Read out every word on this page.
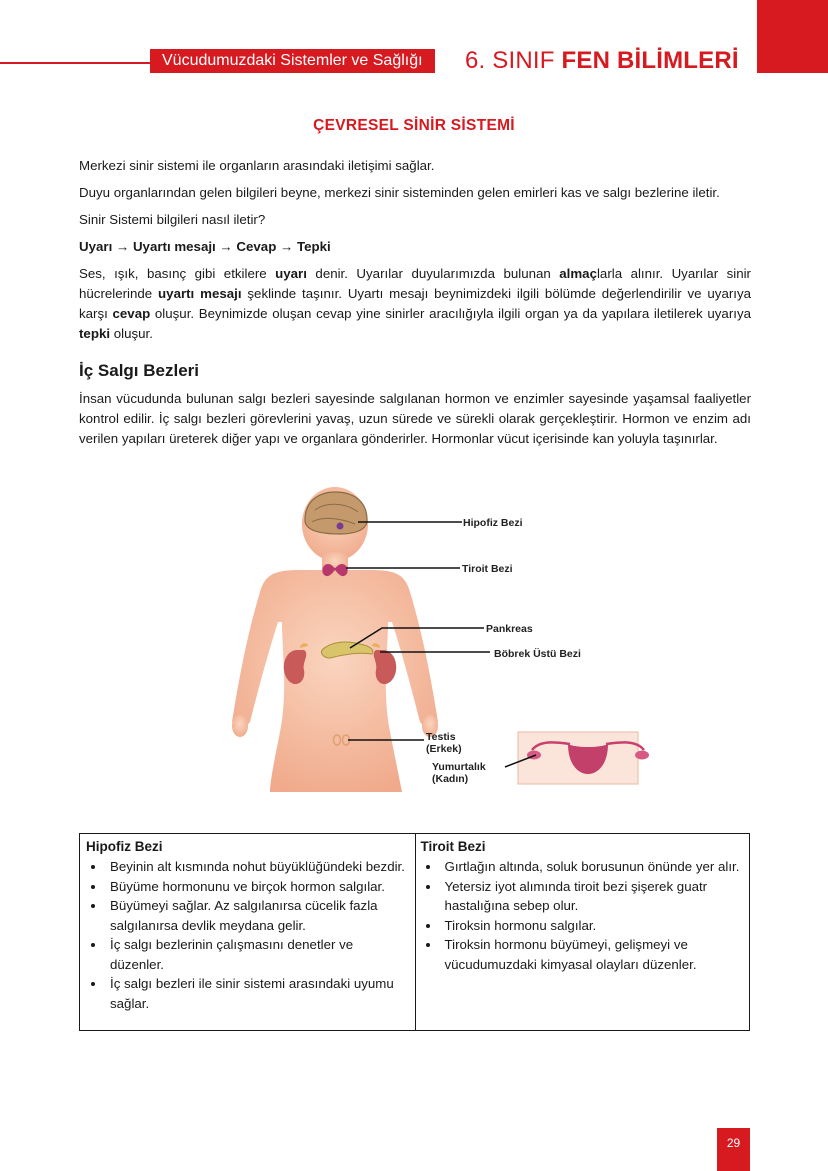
Vücudumuzdaki Sistemler ve Sağlığı	6. SINIF FEN BİLİMLERİ
ÇEVRESEL SİNİR SİSTEMİ
Merkezi sinir sistemi ile organların arasındaki iletişimi sağlar.
Duyu organlarından gelen bilgileri beyne, merkezi sinir sisteminden gelen emirleri kas ve salgı bezlerine iletir.
Sinir Sistemi bilgileri nasıl iletir?
Uyarı → Uyartı mesajı → Cevap → Tepki
Ses, ışık, basınç gibi etkilere uyarı denir. Uyarılar duyularımızda bulunan almaçlarla alınır. Uyarılar sinir hücrelerinde uyartı mesajı şeklinde taşınır. Uyartı mesajı beynimizdeki ilgili bölümde değerlendirilir ve uyarıya karşı cevap oluşur. Beynimizde oluşan cevap yine sinirler aracılığıyla ilgili organ ya da yapılara iletilerek uyarıya tepki oluşur.
İç Salgı Bezleri
İnsan vücudunda bulunan salgı bezleri sayesinde salgılanan hormon ve enzimler sayesinde yaşamsal faaliyetler kontrol edilir. İç salgı bezleri görevlerini yavaş, uzun sürede ve sürekli olarak gerçekleştirir. Hormon ve enzim adı verilen yapıları üreterek diğer yapı ve organlara gönderirler. Hormonlar vücut içerisinde kan yoluyla taşınırlar.
Hipofiz Bezi
Tiroit Bezi
Pankreas
Böbrek Üstü Bezi
Testis
(Erkek)
Yumurtalık
(Kadın)
Hipofiz Bezi
• Beyinin alt kısmında nohut büyüklüğündeki bezdir.
• Büyüme hormonunu ve birçok hormon salgılar.
• Büyümeyi sağlar. Az salgılanırsa cücelik fazla salgılanırsa devlik meydana gelir.
• İç salgı bezlerinin çalışmasını denetler ve düzenler.
• İç salgı bezleri ile sinir sistemi arasındaki uyumu sağlar.
Tiroit Bezi
• Gırtlağın altında, soluk borusunun önünde yer alır.
• Yetersiz iyot alımında tiroit bezi şişerek guatr hastalığına sebep olur.
• Tiroksin hormonu salgılar.
• Tiroksin hormonu büyümeyi, gelişmeyi ve vücudumuzdaki kimyasal olayları düzenler.
29
